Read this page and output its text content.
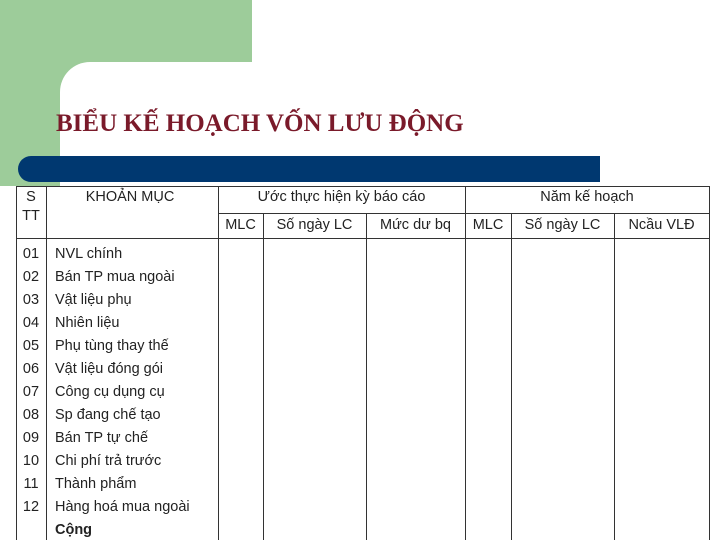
BIỂU KẾ HOẠCH VỐN LƯU ĐỘNG
S
TT
KHOẢN MỤC	Ước thực hiện kỳ báo cáo	Năm kế hoạch
MLC	Số ngày LC	Mức dư bq	MLC	Số ngày LC	Ncầu VLĐ
01	NVL chính
02	Bán TP mua ngoài
03	Vật liệu phụ
04	Nhiên liệu
05	Phụ tùng thay thế
06	Vật liệu đóng gói
07	Công cụ dụng cụ
08	Sp đang chế tạo
09	Bán TP tự chế
10	Chi phí trả trước
11	Thành phẩm
12	Hàng hoá mua ngoài
Cộng
